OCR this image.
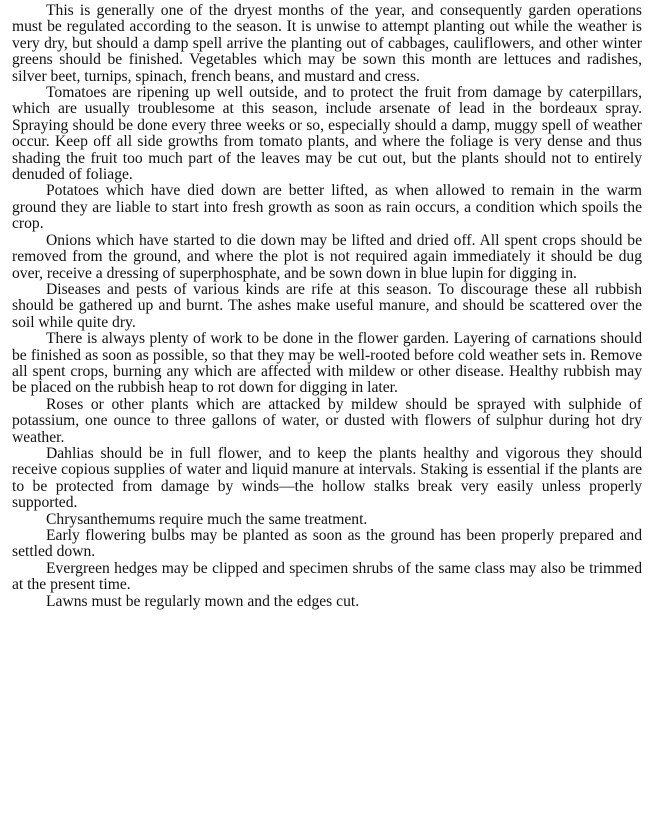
This is generally one of the dryest months of the year, and consequently garden operations must be regulated according to the season. It is unwise to attempt planting out while the weather is very dry, but should a damp spell arrive the planting out of cabbages, cauliflowers, and other winter greens should be finished. Vegetables which may be sown this month are lettuces and radishes, silver beet, turnips, spinach, french beans, and mustard and cress.

Tomatoes are ripening up well outside, and to protect the fruit from damage by caterpillars, which are usually troublesome at this season, include arsenate of lead in the bordeaux spray. Spraying should be done every three weeks or so, especially should a damp, muggy spell of weather occur. Keep off all side growths from tomato plants, and where the foliage is very dense and thus shading the fruit too much part of the leaves may be cut out, but the plants should not to entirely denuded of foliage.

Potatoes which have died down are better lifted, as when allowed to remain in the warm ground they are liable to start into fresh growth as soon as rain occurs, a condition which spoils the crop.

Onions which have started to die down may be lifted and dried off. All spent crops should be removed from the ground, and where the plot is not required again immediately it should be dug over, receive a dressing of superphosphate, and be sown down in blue lupin for digging in.

Diseases and pests of various kinds are rife at this season. To discourage these all rubbish should be gathered up and burnt. The ashes make useful manure, and should be scattered over the soil while quite dry.

There is always plenty of work to be done in the flower garden. Layering of carnations should be finished as soon as possible, so that they may be well-rooted before cold weather sets in. Remove all spent crops, burning any which are affected with mildew or other disease. Healthy rubbish may be placed on the rubbish heap to rot down for digging in later.

Roses or other plants which are attacked by mildew should be sprayed with sulphide of potassium, one ounce to three gallons of water, or dusted with flowers of sulphur during hot dry weather.

Dahlias should be in full flower, and to keep the plants healthy and vigorous they should receive copious supplies of water and liquid manure at intervals. Staking is essential if the plants are to be protected from damage by winds—the hollow stalks break very easily unless properly supported.

Chrysanthemums require much the same treatment.

Early flowering bulbs may be planted as soon as the ground has been properly prepared and settled down.

Evergreen hedges may be clipped and specimen shrubs of the same class may also be trimmed at the present time.

Lawns must be regularly mown and the edges cut.
